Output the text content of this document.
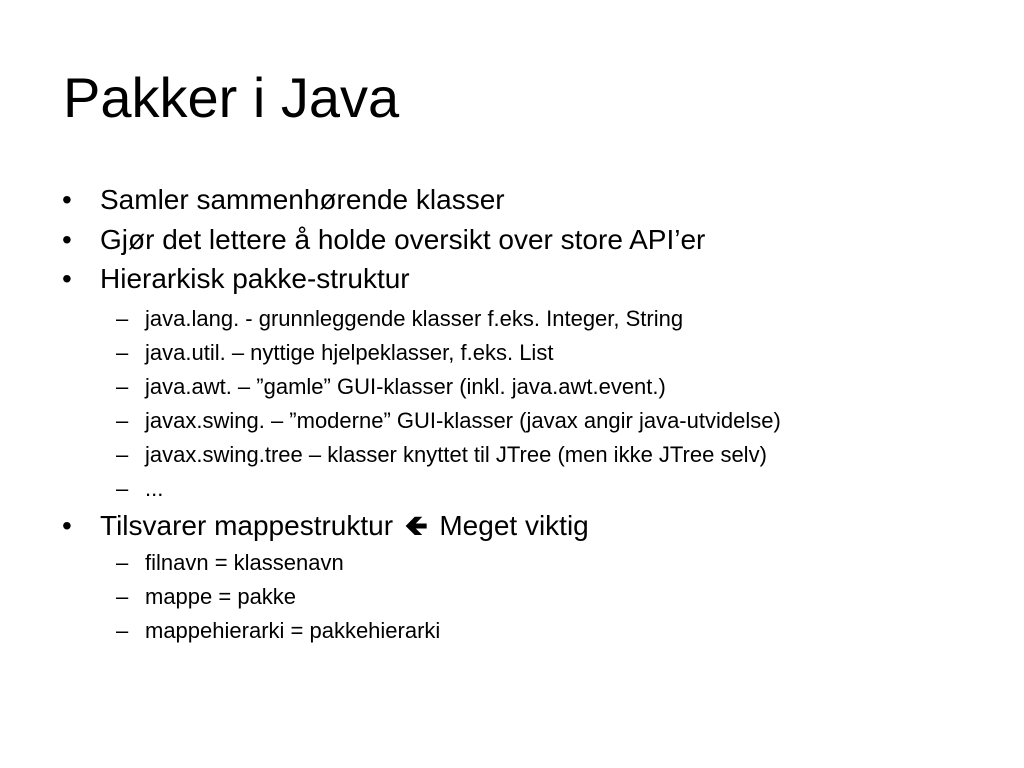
Pakker i Java
• Samler sammenhørende klasser
• Gjør det lettere å holde oversikt over store API’er
• Hierarkisk pakke-struktur
– java.lang. - grunnleggende klasser f.eks. Integer, String
– java.util. – nyttige hjelpeklasser, f.eks. List
– java.awt. – ”gamle” GUI-klasser (inkl. java.awt.event.)
– javax.swing. – ”moderne” GUI-klasser (javax angir java-utvidelse)
– javax.swing.tree – klasser knyttet til JTree (men ikke JTree selv)
– ...
• Tilsvarer mappestruktur 🡸 Meget viktig
– filnavn = klassenavn
– mappe = pakke
– mappehierarki = pakkehierarki
